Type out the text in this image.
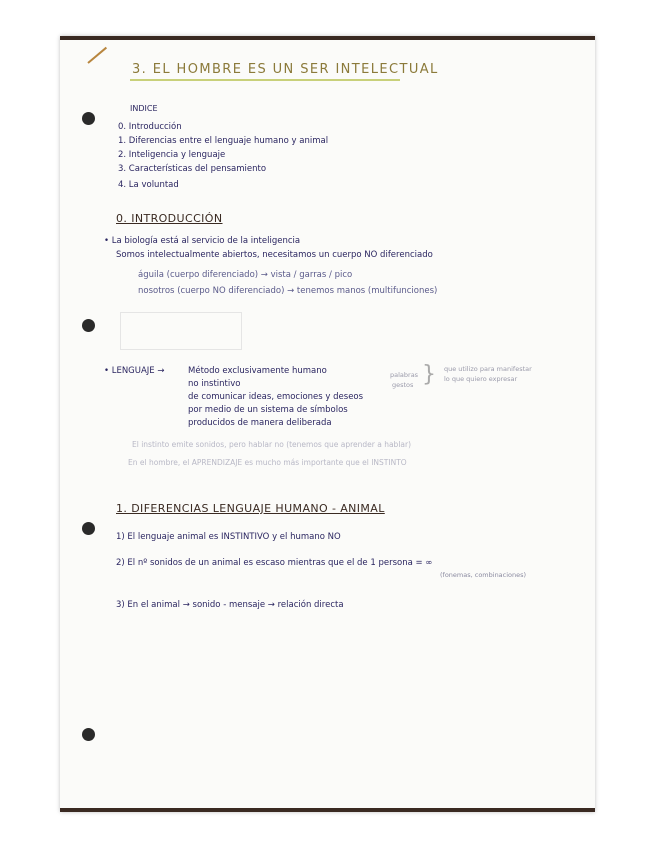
3. EL HOMBRE ES UN SER INTELECTUAL
INDICE
0. Introducción
1. Diferencias entre el lenguaje humano y animal
2. Inteligencia y lenguaje
3. Características del pensamiento
4. La voluntad
0. INTRODUCCIÓN
• La biología está al servicio de la inteligencia
Somos intelectualmente abiertos, necesitamos un cuerpo NO diferenciado
águila (cuerpo diferenciado) → vista / garras / pico
nosotros (cuerpo NO diferenciado) → tenemos manos (multifunciones)
• LENGUAJE →	Método exclusivamente humano
no instintivo
de comunicar ideas, emociones y deseos
por medio de un sistema de símbolos
producidos de manera deliberada
palabras
gestos } que utilizo para manifestar
lo que quiero expresar
El instinto emite sonidos, pero hablar no (tenemos que aprender a hablar)
En el hombre, el APRENDIZAJE es mucho más importante que el INSTINTO
1. DIFERENCIAS LENGUAJE HUMANO - ANIMAL
1) El lenguaje animal es INSTINTIVO y el humano NO
2) El nº sonidos de un animal es escaso mientras que el de 1 persona = ∞
(fonemas, combinaciones)
3) En el animal → sonido - mensaje → relación directa
